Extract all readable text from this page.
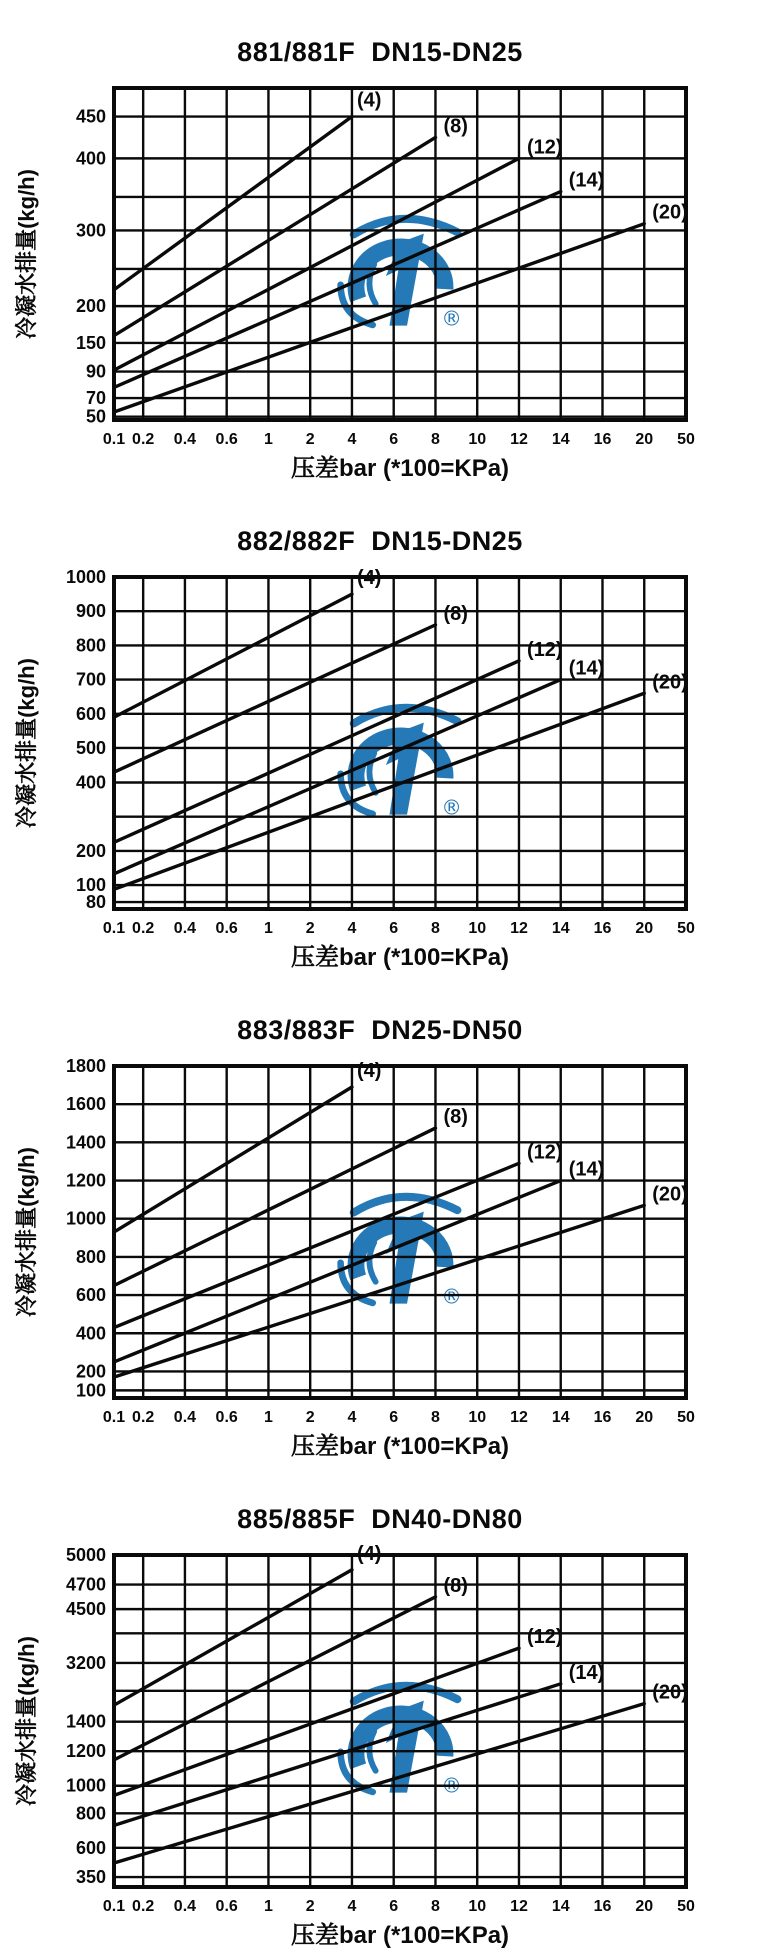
881/881F  DN15-DN25
冷凝水排量(kg/h)
压差bar (*100=KPa)
450
400
300
200
150
90
70
50
0.1 0.2 0.4 0.6 1 2 4 6 8 10 12 14 16 20 50
(4)
(8)
(12)
(14)
(20)
882/882F  DN15-DN25
冷凝水排量(kg/h)
压差bar (*100=KPa)
1000
900
800
700
600
500
400
200
100
80
0.1 0.2 0.4 0.6 1 2 4 6 8 10 12 14 16 20 50
(4)
(8)
(12)
(14)
(20)
883/883F  DN25-DN50
冷凝水排量(kg/h)
压差bar (*100=KPa)
1800
1600
1400
1200
1000
800
600
400
200
100
0.1 0.2 0.4 0.6 1 2 4 6 8 10 12 14 16 20 50
(4)
(8)
(12)
(14)
(20)
885/885F  DN40-DN80
冷凝水排量(kg/h)
压差bar (*100=KPa)
5000
4700
4500
3200
1400
1200
1000
800
600
350
0.1 0.2 0.4 0.6 1 2 4 6 8 10 12 14 16 20 50
(4)
(8)
(12)
(14)
(20)
